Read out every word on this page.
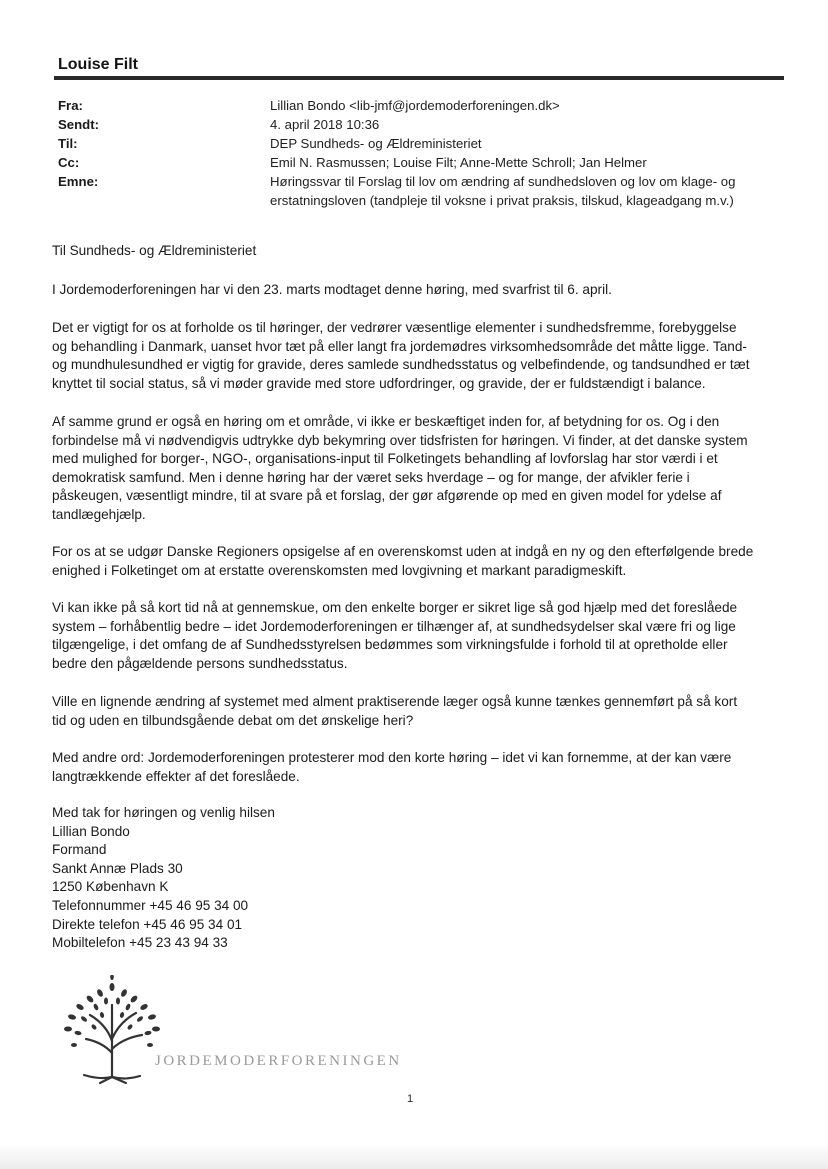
Louise Filt
Fra:	Lillian Bondo <lib-jmf@jordemoderforeningen.dk>
Sendt:	4. april 2018 10:36
Til:	DEP Sundheds- og Ældreministeriet
Cc:	Emil N. Rasmussen; Louise Filt; Anne-Mette Schroll; Jan Helmer
Emne:	Høringssvar til Forslag til lov om ændring af sundhedsloven og lov om klage- og erstatningsloven (tandpleje til voksne i privat praksis, tilskud, klageadgang m.v.)
Til Sundheds- og Ældreministeriet
I Jordemoderforeningen har vi den 23. marts modtaget denne høring, med svarfrist til 6. april.
Det er vigtigt for os at forholde os til høringer, der vedrører væsentlige elementer i sundhedsfremme, forebyggelse
og behandling i Danmark, uanset hvor tæt på eller langt fra jordemødres virksomhedsområde det måtte ligge. Tand-
og mundhulesundhed er vigtig for gravide, deres samlede sundhedsstatus og velbefindende, og tandsundhed er tæt
knyttet til social status, så vi møder gravide med store udfordringer, og gravide, der er fuldstændigt i balance.
Af samme grund er også en høring om et område, vi ikke er beskæftiget inden for, af betydning for os. Og i den
forbindelse må vi nødvendigvis udtrykke dyb bekymring over tidsfristen for høringen. Vi finder, at det danske system
med mulighed for borger-, NGO-, organisations-input til Folketingets behandling af lovforslag har stor værdi i et
demokratisk samfund. Men i denne høring har der været seks hverdage – og for mange, der afvikler ferie i
påskeugen, væsentligt mindre, til at svare på et forslag, der gør afgørende op med en given model for ydelse af
tandlægehjælp.
For os at se udgør Danske Regioners opsigelse af en overenskomst uden at indgå en ny og den efterfølgende brede
enighed i Folketinget om at erstatte overenskomsten med lovgivning et markant paradigmeskift.
Vi kan ikke på så kort tid nå at gennemskue, om den enkelte borger er sikret lige så god hjælp med det foreslåede
system – forhåbentlig bedre – idet Jordemoderforeningen er tilhænger af, at sundhedsydelser skal være fri og lige
tilgængelige, i det omfang de af Sundhedsstyrelsen bedømmes som virkningsfulde i forhold til at opretholde eller
bedre den pågældende persons sundhedsstatus.
Ville en lignende ændring af systemet med alment praktiserende læger også kunne tænkes gennemført på så kort
tid og uden en tilbundsgående debat om det ønskelige heri?
Med andre ord: Jordemoderforeningen protesterer mod den korte høring – idet vi kan fornemme, at der kan være
langtrækkende effekter af det foreslåede.
Med tak for høringen og venlig hilsen
Lillian Bondo
Formand
Sankt Annæ Plads 30
1250 København K
Telefonnummer +45 46 95 34 00
Direkte telefon +45 46 95 34 01
Mobiltelefon +45 23 43 94 33
JORDEMODERFORENINGEN
1
